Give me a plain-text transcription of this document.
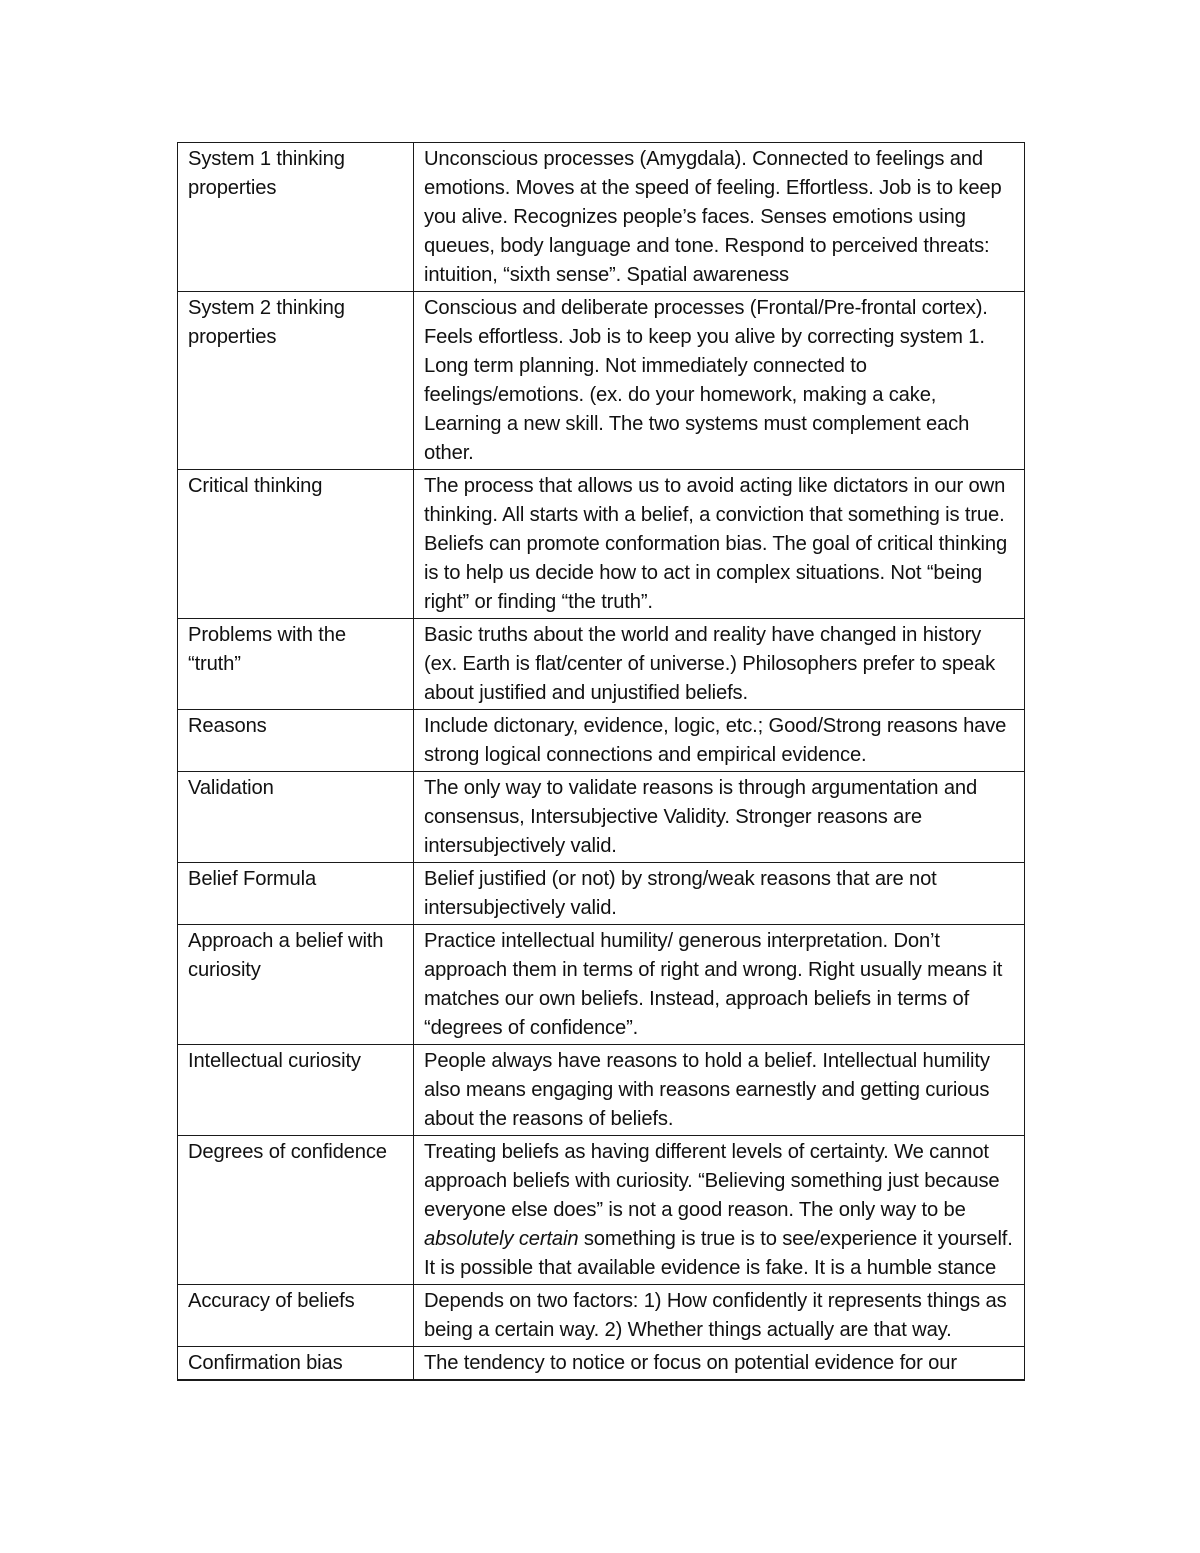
System 1 thinking properties	Unconscious processes (Amygdala). Connected to feelings and emotions. Moves at the speed of feeling. Effortless. Job is to keep you alive. Recognizes people’s faces. Senses emotions using queues, body language and tone. Respond to perceived threats: intuition, “sixth sense”. Spatial awareness
System 2 thinking properties	Conscious and deliberate processes (Frontal/Pre-frontal cortex). Feels effortless. Job is to keep you alive by correcting system 1. Long term planning. Not immediately connected to feelings/emotions. (ex. do your homework, making a cake, Learning a new skill. The two systems must complement each other.
Critical thinking	The process that allows us to avoid acting like dictators in our own thinking. All starts with a belief, a conviction that something is true. Beliefs can promote conformation bias. The goal of critical thinking is to help us decide how to act in complex situations. Not “being right” or finding “the truth”.
Problems with the “truth”	Basic truths about the world and reality have changed in history (ex. Earth is flat/center of universe.) Philosophers prefer to speak about justified and unjustified beliefs.
Reasons	Include dictonary, evidence, logic, etc.; Good/Strong reasons have strong logical connections and empirical evidence.
Validation	The only way to validate reasons is through argumentation and consensus, Intersubjective Validity. Stronger reasons are intersubjectively valid.
Belief Formula	Belief justified (or not) by strong/weak reasons that are not intersubjectively valid.
Approach a belief with curiosity	Practice intellectual humility/ generous interpretation. Don’t approach them in terms of right and wrong. Right usually means it matches our own beliefs. Instead, approach beliefs in terms of “degrees of confidence”.
Intellectual curiosity	People always have reasons to hold a belief. Intellectual humility also means engaging with reasons earnestly and getting curious about the reasons of beliefs.
Degrees of confidence	Treating beliefs as having different levels of certainty. We cannot approach beliefs with curiosity. “Believing something just because everyone else does” is not a good reason. The only way to be absolutely certain something is true is to see/experience it yourself. It is possible that available evidence is fake. It is a humble stance
Accuracy of beliefs	Depends on two factors: 1) How confidently it represents things as being a certain way. 2) Whether things actually are that way.
Confirmation bias	The tendency to notice or focus on potential evidence for our
